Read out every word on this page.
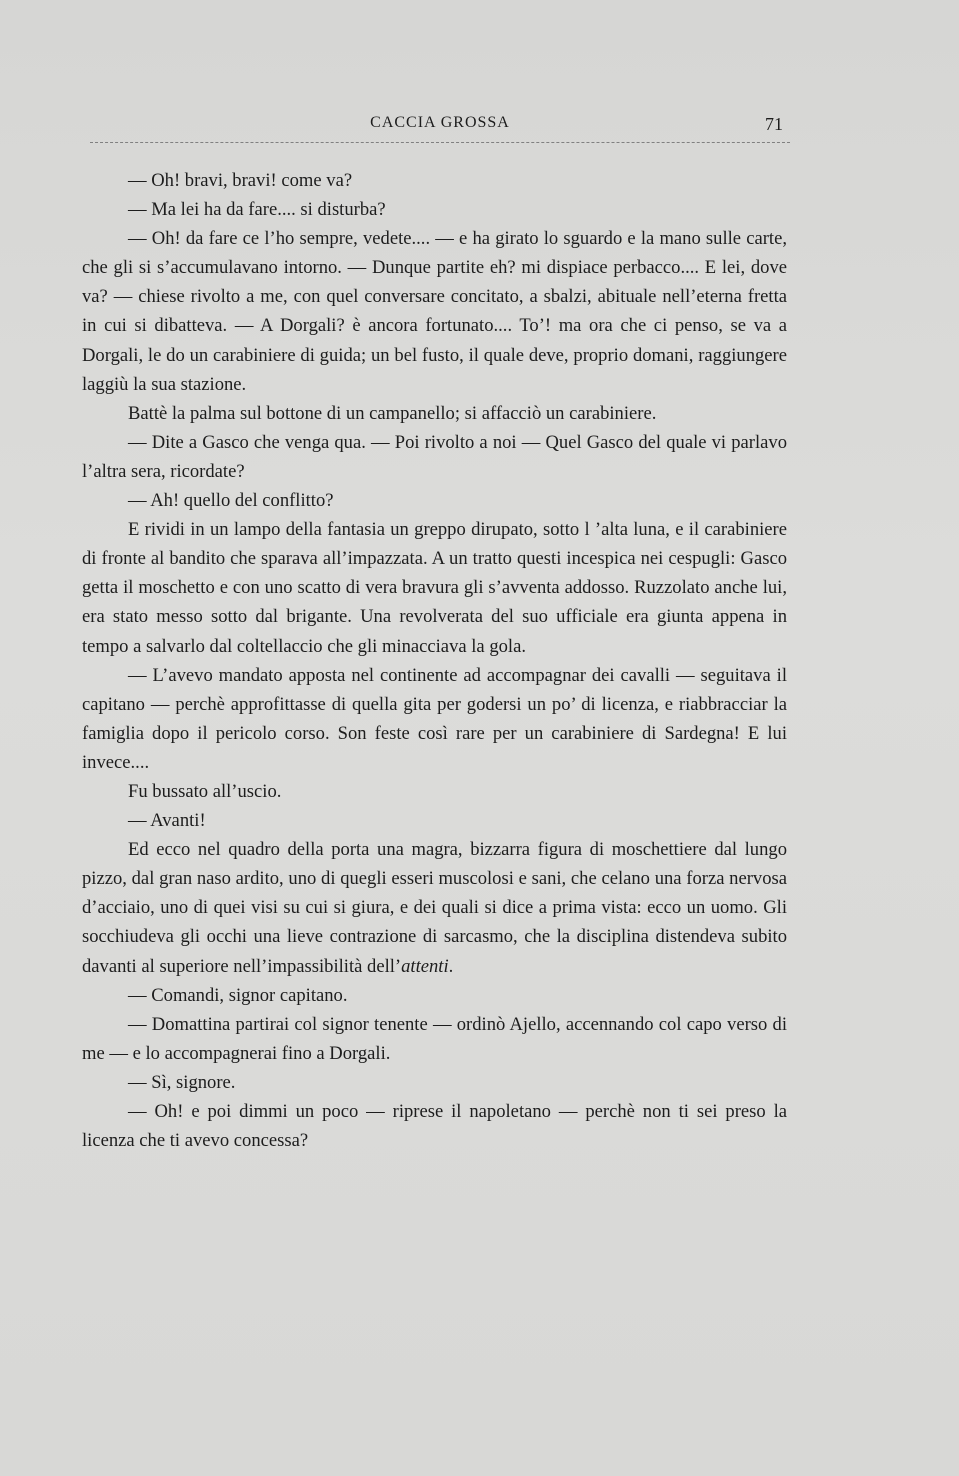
CACCIA GROSSA	71

— Oh! bravi, bravi! come va?

— Ma lei ha da fare.... si disturba?

— Oh! da fare ce l’ho sempre, vedete.... — e ha girato lo sguardo e la mano sulle carte, che gli si s’accumulavano intorno. — Dunque partite eh? mi dispiace perbacco.... E lei, dove va? — chiese rivolto a me, con quel conversare concitato, a sbalzi, abituale nell’eterna fretta in cui si dibatteva. — A Dorgali? è ancora fortunato.... To’! ma ora che ci penso, se va a Dorgali, le do un carabiniere di guida; un bel fusto, il quale deve, proprio domani, raggiungere laggiù la sua stazione.

Battè la palma sul bottone di un campanello; si affacciò un carabiniere.

— Dite a Gasco che venga qua. — Poi rivolto a noi — Quel Gasco del quale vi parlavo l’altra sera, ricordate?

— Ah! quello del conflitto?

E rividi in un lampo della fantasia un greppo dirupato, sotto l ’alta luna, e il carabiniere di fronte al bandito che sparava all’impazzata. A un tratto questi incespica nei cespugli: Gasco getta il moschetto e con uno scatto di vera bravura gli s’avventa addosso. Ruzzolato anche lui, era stato messo sotto dal brigante. Una revolverata del suo ufficiale era giunta appena in tempo a salvarlo dal coltellaccio che gli minacciava la gola.

— L’avevo mandato apposta nel continente ad accompagnar dei cavalli — seguitava il capitano — perchè approfittasse di quella gita per godersi un po’ di licenza, e riabbracciar la famiglia dopo il pericolo corso. Son feste così rare per un carabiniere di Sardegna! E lui invece....

Fu bussato all’uscio.

— Avanti!

Ed ecco nel quadro della porta una magra, bizzarra figura di moschettiere dal lungo pizzo, dal gran naso ardito, uno di quegli esseri muscolosi e sani, che celano una forza nervosa d’acciaio, uno di quei visi su cui si giura, e dei quali si dice a prima vista: ecco un uomo. Gli socchiudeva gli occhi una lieve contrazione di sarcasmo, che la disciplina distendeva subito davanti al superiore nell’impassibilità dell’attenti.

— Comandi, signor capitano.

— Domattina partirai col signor tenente — ordinò Ajello, accennando col capo verso di me — e lo accompagnerai fino a Dorgali.

— Sì, signore.

— Oh! e poi dimmi un poco — riprese il napoletano — perchè non ti sei preso la licenza che ti avevo concessa?
